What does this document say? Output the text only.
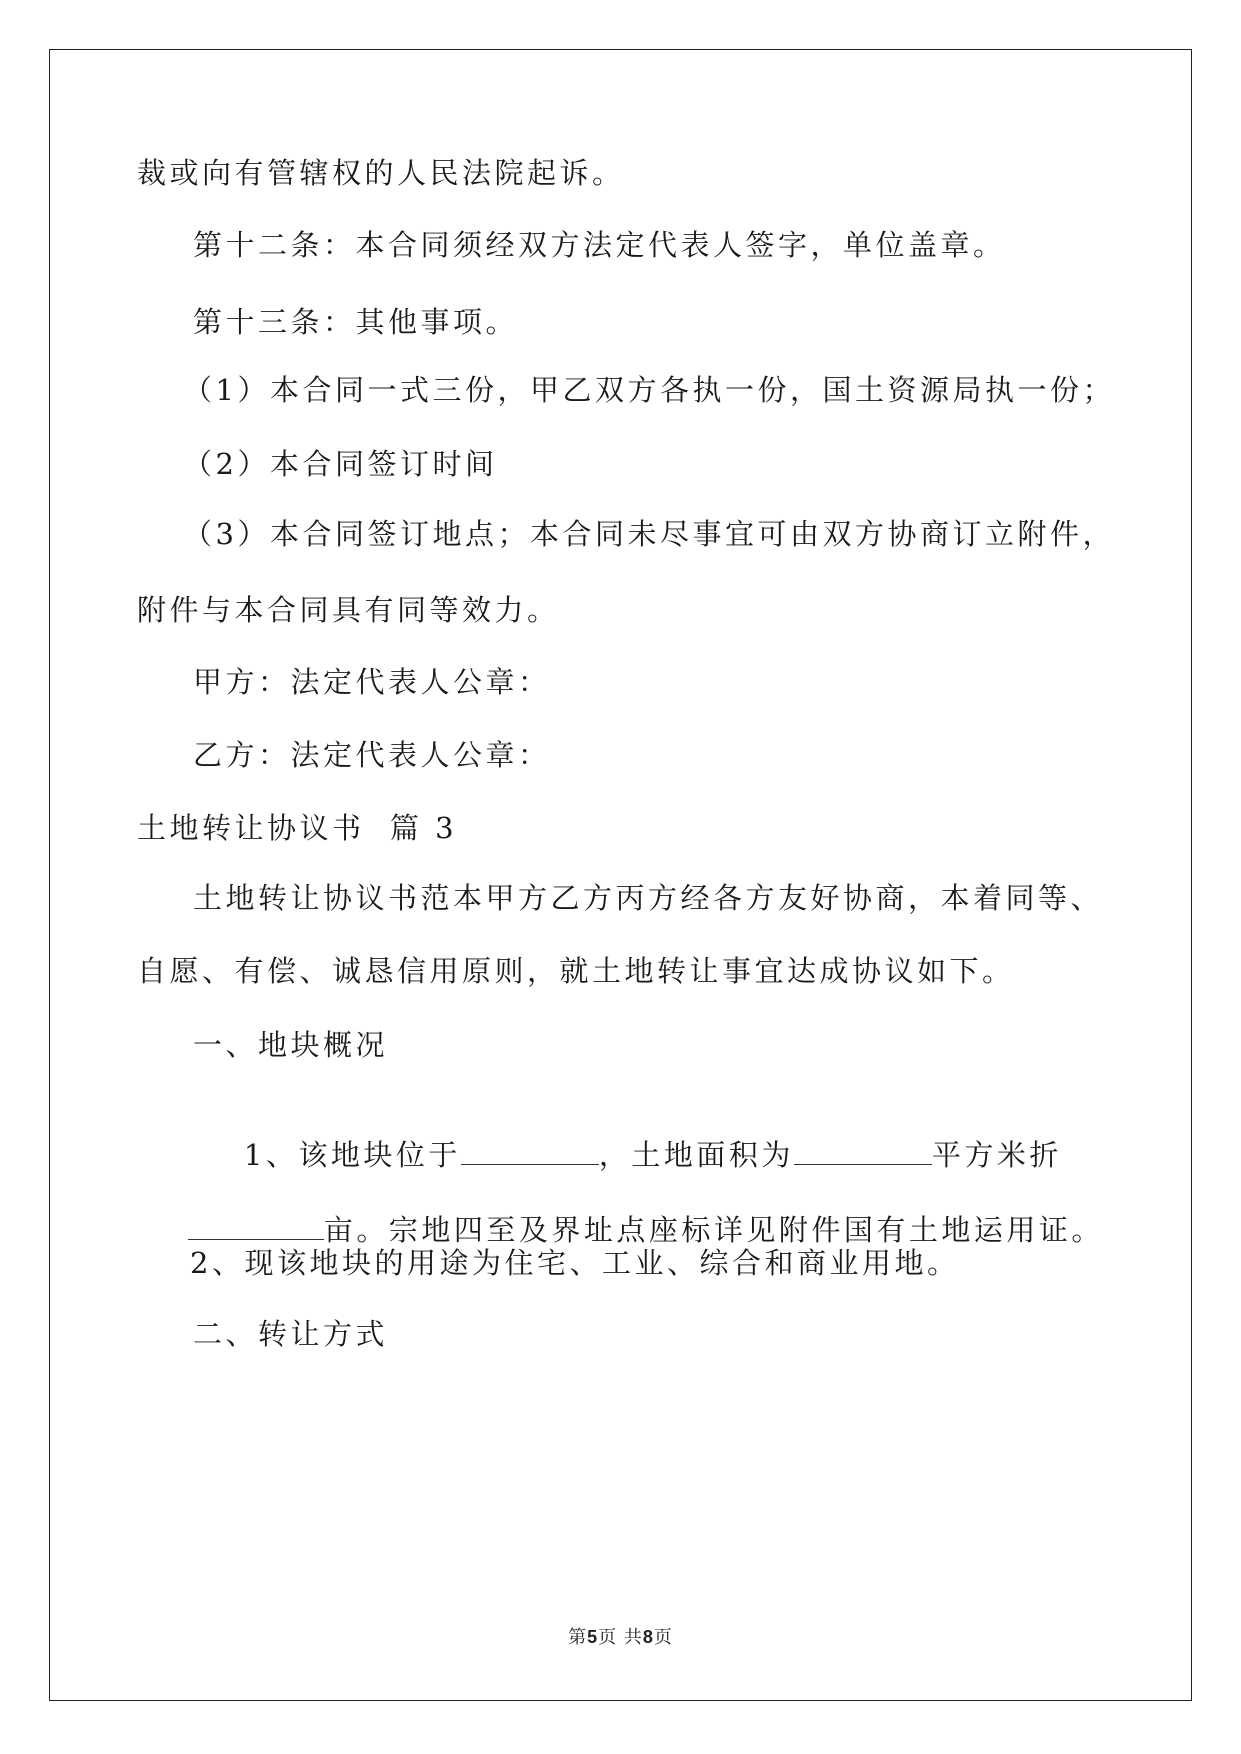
裁或向有管辖权的人民法院起诉。
第十二条：本合同须经双方法定代表人签字，单位盖章。
第十三条：其他事项。
（1）本合同一式三份，甲乙双方各执一份，国土资源局执一份；
（2）本合同签订时间
（3）本合同签订地点；本合同未尽事宜可由双方协商订立附件，
附件与本合同具有同等效力。
甲方：法定代表人公章：
乙方：法定代表人公章：
土地转让协议书  篇 3
土地转让协议书范本甲方乙方丙方经各方友好协商，本着同等、
自愿、有偿、诚恳信用原则，就土地转让事宜达成协议如下。
一、地块概况

1、该地块位于	，土地面积为	平方米折

亩。宗地四至及界址点座标详见附件国有土地运用证。

2、现该地块的用途为住宅、工业、综合和商业用地。
二、转让方式
第5页 共8页
